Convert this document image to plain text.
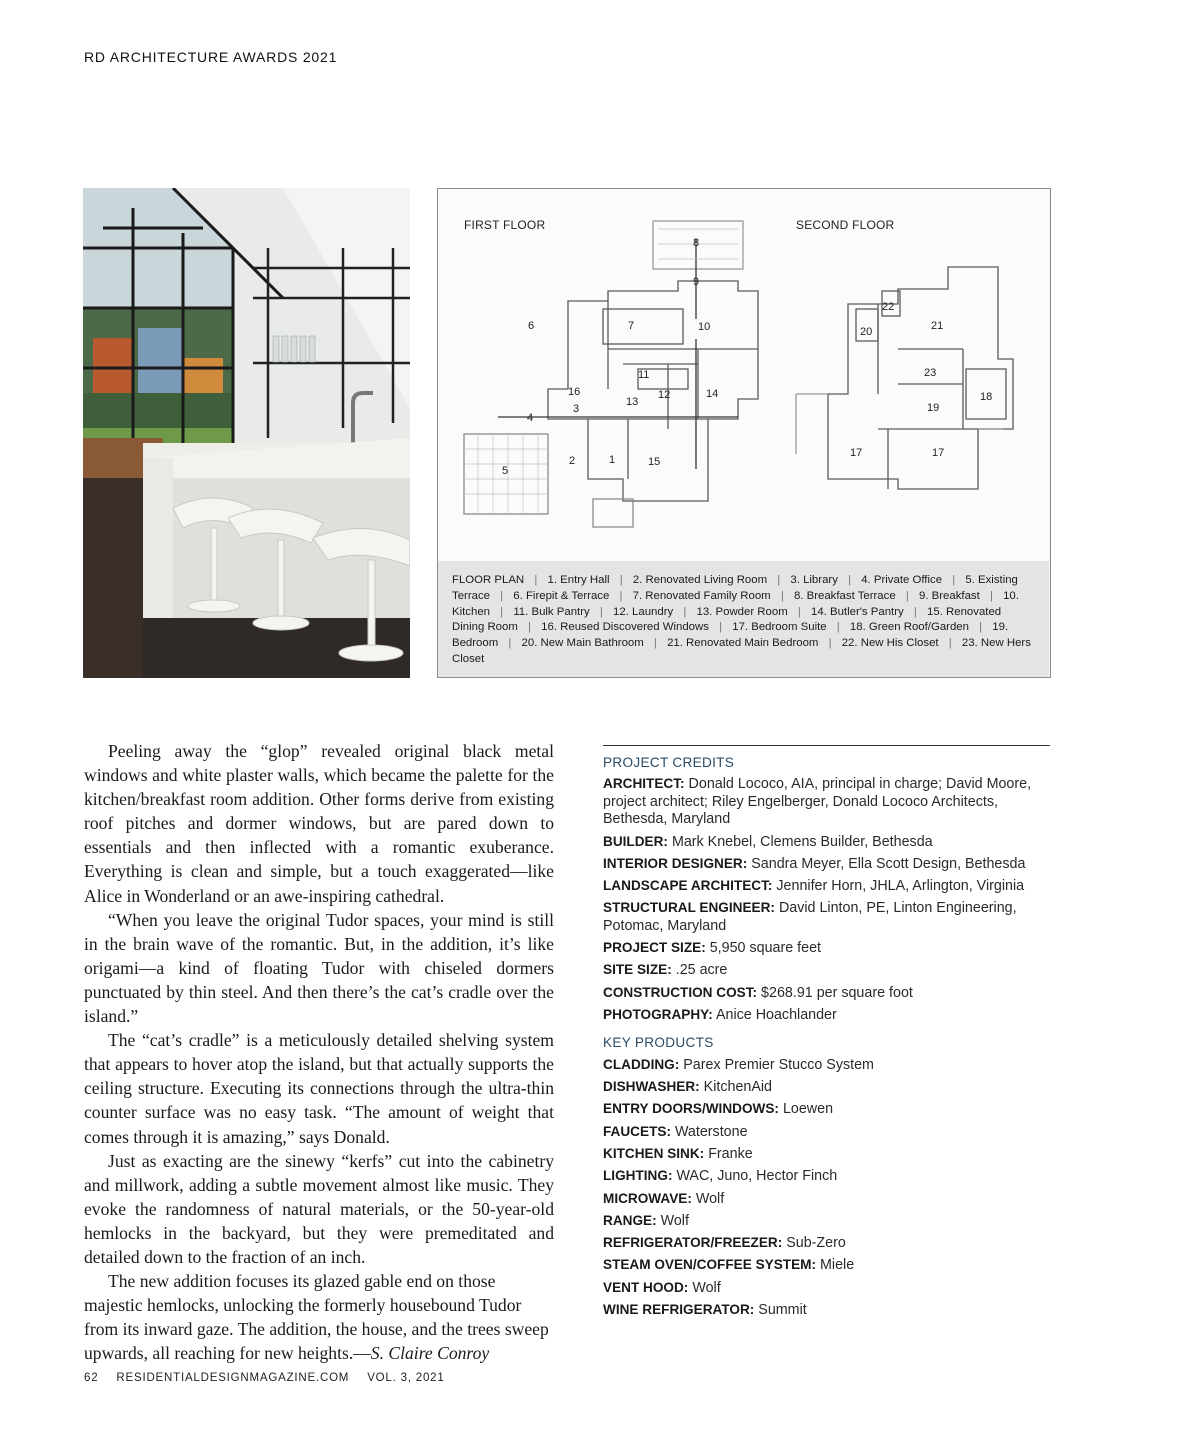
RD ARCHITECTURE AWARDS 2021
FIRST FLOOR	SECOND FLOOR
8
9
6	7	10
11
16
3
12
13
14
4
2	1	15
5
22
20	21
23
18
19
17	17
FLOOR PLAN | 1. Entry Hall | 2. Renovated Living Room | 3. Library | 4. Private Office | 5. Existing Terrace | 6. Firepit & Terrace | 7. Renovated Family Room | 8. Breakfast Terrace | 9. Breakfast | 10. Kitchen | 11. Bulk Pantry | 12. Laundry | 13. Powder Room | 14. Butler's Pantry | 15. Renovated Dining Room | 16. Reused Discovered Windows | 17. Bedroom Suite | 18. Green Roof/Garden | 19. Bedroom | 20. New Main Bathroom | 21. Renovated Main Bedroom | 22. New His Closet | 23. New Hers Closet

Peeling away the “glop” revealed original black metal windows and white plaster walls, which became the palette for the kitchen/breakfast room addition. Other forms derive from existing roof pitches and dormer windows, but are pared down to essentials and then inflected with a romantic exuberance. Everything is clean and simple, but a touch exaggerated—like Alice in Wonderland or an awe-inspiring cathedral.

“When you leave the original Tudor spaces, your mind is still in the brain wave of the romantic. But, in the addition, it’s like origami—a kind of floating Tudor with chiseled dormers punctuated by thin steel. And then there’s the cat’s cradle over the island.”

The “cat’s cradle” is a meticulously detailed shelving system that appears to hover atop the island, but that actually supports the ceiling structure. Executing its connections through the ultra-thin counter surface was no easy task. “The amount of weight that comes through it is amazing,” says Donald.

Just as exacting are the sinewy “kerfs” cut into the cabinetry and millwork, adding a subtle movement almost like music. They evoke the randomness of natural materials, or the 50-year-old hemlocks in the backyard, but they were premeditated and detailed down to the fraction of an inch.

The new addition focuses its glazed gable end on those majestic hemlocks, unlocking the formerly housebound Tudor from its inward gaze. The addition, the house, and the trees sweep upwards, all reaching for new heights.—S. Claire Conroy

PROJECT CREDITS
ARCHITECT: Donald Lococo, AIA, principal in charge; David Moore, project architect; Riley Engelberger, Donald Lococo Architects, Bethesda, Maryland
BUILDER: Mark Knebel, Clemens Builder, Bethesda
INTERIOR DESIGNER: Sandra Meyer, Ella Scott Design, Bethesda
LANDSCAPE ARCHITECT: Jennifer Horn, JHLA, Arlington, Virginia
STRUCTURAL ENGINEER: David Linton, PE, Linton Engineering, Potomac, Maryland
PROJECT SIZE: 5,950 square feet
SITE SIZE: .25 acre
CONSTRUCTION COST: $268.91 per square foot
PHOTOGRAPHY: Anice Hoachlander
KEY PRODUCTS
CLADDING: Parex Premier Stucco System
DISHWASHER: KitchenAid
ENTRY DOORS/WINDOWS: Loewen
FAUCETS: Waterstone
KITCHEN SINK: Franke
LIGHTING: WAC, Juno, Hector Finch
MICROWAVE: Wolf
RANGE: Wolf
REFRIGERATOR/FREEZER: Sub-Zero
STEAM OVEN/COFFEE SYSTEM: Miele
VENT HOOD: Wolf
WINE REFRIGERATOR: Summit
62 RESIDENTIALDESIGNMAGAZINE.COM VOL. 3, 2021
